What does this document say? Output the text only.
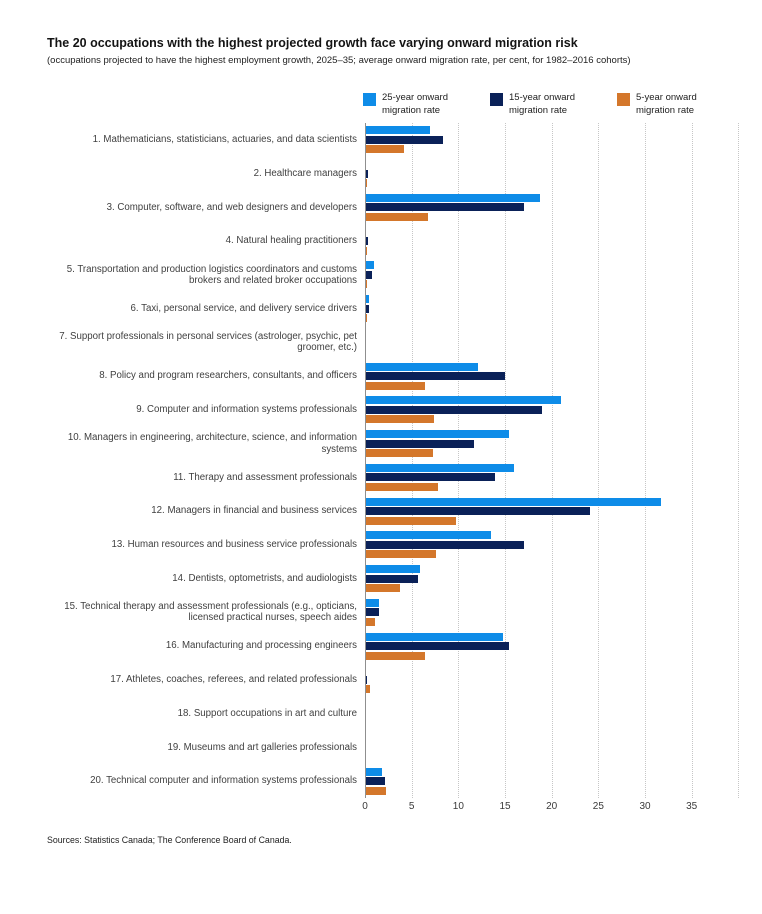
The 20 occupations with the highest projected growth face varying onward migration risk
(occupations projected to have the highest employment growth, 2025–35; average onward migration rate, per cent, for 1982–2016 cohorts)
25-year onward migration rate
15-year onward migration rate
5-year onward migration rate
1. Mathematicians, statisticians, actuaries, and data scientists
2. Healthcare managers
3. Computer, software, and web designers and developers
4. Natural healing practitioners
5. Transportation and production logistics coordinators and customs brokers and related broker occupations
6. Taxi, personal service, and delivery service drivers
7. Support professionals in personal services (astrologer, psychic, pet groomer, etc.)
8. Policy and program researchers, consultants, and officers
9. Computer and information systems professionals
10. Managers in engineering, architecture, science, and information systems
11. Therapy and assessment professionals
12. Managers in financial and business services
13. Human resources and business service professionals
14. Dentists, optometrists, and audiologists
15. Technical therapy and assessment professionals (e.g., opticians, licensed practical nurses, speech aides
16. Manufacturing and processing engineers
17. Athletes, coaches, referees, and related professionals
18. Support occupations in art and culture
19. Museums and art galleries professionals
20. Technical computer and information systems professionals
0	5	10	15	20	25	30	35
Sources: Statistics Canada; The Conference Board of Canada.
